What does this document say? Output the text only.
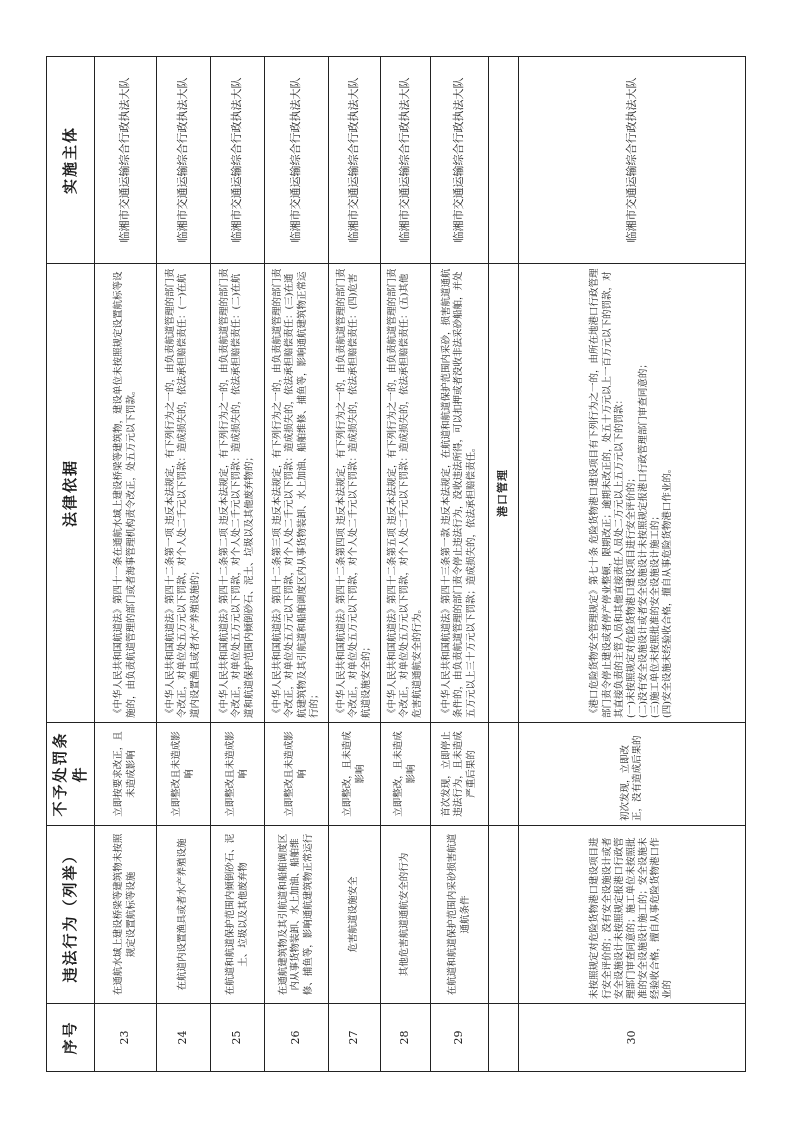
序号	违法行为（列举）	不予处罚条件	法律依据	实施主体
23	在通航水域上建设桥梁等建筑物未按照规定设置航标等设施	立即按要求改正，且未造成影响	《中华人民共和国航道法》第四十一条在通航水域上建设桥梁等建筑物，建设单位未按照规定设置航标等设施的，由负责航道管理的部门或者海事管理机构责令改正，处五万元以下罚款。	临湘市交通运输综合行政执法大队
24	在航道内设置渔具或者水产养殖设施	立即整改且未造成影响	《中华人民共和国航道法》第四十二条第一项 违反本法规定，有下列行为之一的，由负责航道管理的部门责令改正，对单位处五万元以下罚款，对个人处二千元以下罚款：造成损失的，依法承担赔偿责任：(一)在航道内设置渔具或者水产养殖设施的；	临湘市交通运输综合行政执法大队
25	在航道和航道保护范围内倾倒砂石、泥土、垃圾以及其他废弃物	立即整改且未造成影响	《中华人民共和国航道法》第四十二条第二项 违反本法规定，有下列行为之一的，由负责航道管理的部门责令改正，对单位处五万元以下罚款，对个人处二千元以下罚款：造成损失的，依法承担赔偿责任：(二)在航道和航道保护范围内倾倒砂石、泥土、垃圾以及其他废弃物的；	临湘市交通运输综合行政执法大队
26	在通航建筑物及其引航道和船舶调度区内从事货物装卸、水上加油、船舶维修、捕鱼等，影响通航建筑物正常运行	立即整改且未造成影响	《中华人民共和国航道法》第四十二条第三项 违反本法规定，有下列行为之一的，由负责航道管理的部门责令改正，对单位处五万元以下罚款，对个人处二千元以下罚款：造成损失的，依法承担赔偿责任：(三)在通航建筑物及其引航道和船舶调度区内从事货物装卸、水上加油、船舶维修、捕鱼等，影响通航建筑物正常运行的；	临湘市交通运输综合行政执法大队
27	危害航道设施安全	立即整改，且未造成影响	《中华人民共和国航道法》第四十二条第四项 违反本法规定，有下列行为之一的，由负责航道管理的部门责令改正，对单位处五万元以下罚款，对个人处二千元以下罚款：造成损失的，依法承担赔偿责任：(四)危害航道设施安全的；	临湘市交通运输综合行政执法大队
28	其他危害航道通航安全的行为	立即整改，且未造成影响	《中华人民共和国航道法》第四十二条第五项 违反本法规定，有下列行为之一的，由负责航道管理的部门责令改正，对单位处五万元以下罚款，对个人处二千元以下罚款：造成损失的，依法承担赔偿责任：(五)其他危害航道通航安全的行为。	临湘市交通运输综合行政执法大队
29	在航道和航道保护范围内采砂损害航道通航条件	首次发现，立即停止违法行为，且未造成严重后果的	《中华人民共和国航道法》第四十三条第一款 违反本法规定，在航道和航道保护范围内采砂，损害航道通航条件的，由负责航道管理的部门责令停止违法行为，没收违法所得，可以扣押或者没收非法采砂船舶，并处五万元以上三十万元以下罚款；造成损失的，依法承担赔偿责任。	临湘市交通运输综合行政执法大队
			港口管理	
30	未按照规定对危险货物港口建设项目进行安全评价的；没有安全设施设计或者安全设施设计未按照规定报港口行政管理部门审查同意的；施工单位未按照批准的安全设施设计施工的；安全设施未经验收合格，擅自从事危险货物港口作业的	初次发现，立即改正，没有造成后果的	《港口危险货物安全管理规定》第七十条 危险货物港口建设项目有下列行为之一的，由所在地港口行政管理部门责令停止建设或者停产停业整顿，限期改正；逾期未改正的，处五十万元以上一百万元以下的罚款，对其直接负责的主管人员和其他直接责任人员处二万元以上五万元以下的罚款： (一)未按照规定对危险货物港口建设项目进行安全评价的； (二)没有安全设施设计或者安全设施设计未按照规定报港口行政管理部门审查同意的； (三)施工单位未按照批准的安全设施设计施工的； (四)安全设施未经验收合格，擅自从事危险货物港口作业的。	临湘市交通运输综合行政执法大队
